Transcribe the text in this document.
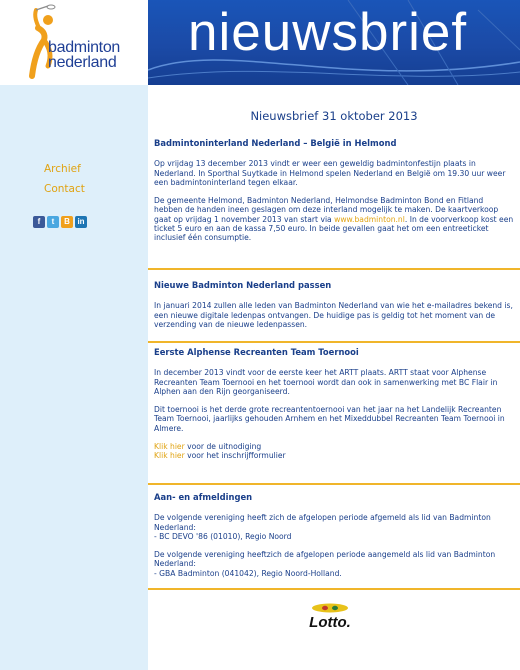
badminton
nederland
nieuwsbrief
Archief
Contact
f t B in
Nieuwsbrief 31 oktober 2013
Badmintoninterland Nederland – België in Helmond

Op vrijdag 13 december 2013 vindt er weer een geweldig badmintonfestijn plaats in Nederland. In Sporthal Suytkade in Helmond spelen Nederland en België om 19.30 uur weer een badmintoninterland tegen elkaar.

De gemeente Helmond, Badminton Nederland, Helmondse Badminton Bond en Fitland hebben de handen ineen geslagen om deze interland mogelijk te maken. De kaartverkoop gaat op vrijdag 1 november 2013 van start via www.badminton.nl. In de voorverkoop kost een ticket 5 euro en aan de kassa 7,50 euro. In beide gevallen gaat het om een entreeticket inclusief één consumptie.

Nieuwe Badminton Nederland passen

In januari 2014 zullen alle leden van Badminton Nederland van wie het e-mailadres bekend is, een nieuwe digitale ledenpas ontvangen. De huidige pas is geldig tot het moment van de verzending van de nieuwe ledenpassen.

Eerste Alphense Recreanten Team Toernooi

In december 2013 vindt voor de eerste keer het ARTT plaats. ARTT staat voor Alphense Recreanten Team Toernooi en het toernooi wordt dan ook in samenwerking met BC Flair in Alphen aan den Rijn georganiseerd.

Dit toernooi is het derde grote recreantentoernooi van het jaar na het Landelijk Recreanten Team Toernooi, jaarlijks gehouden Arnhem en het Mixeddubbel Recreanten Team Toernooi in Almere.

Klik hier voor de uitnodiging
Klik hier voor het inschrijfformulier

Aan- en afmeldingen

De volgende vereniging heeft zich de afgelopen periode afgemeld als lid van Badminton Nederland:
- BC DEVO '86 (01010), Regio Noord

De volgende vereniging heeftzich de afgelopen periode aangemeld als lid van Badminton Nederland:
- GBA Badminton (041042), Regio Noord-Holland.

Lotto.
